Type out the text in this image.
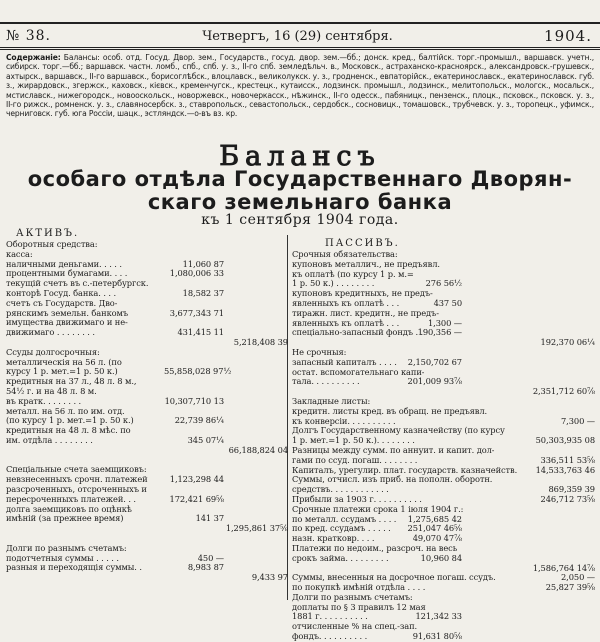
№ 38.	Четвергъ, 16 (29) сентября.	1904.
Содержаніе: Балансы: особ. отд. Госуд. Двор. зем., Государств., госуд. двор. зем.—бб.; донск. кред., балтійск. торг.-промышл., варшавск. учетн., сибирск. торг.—бб.; варшавск. частн. ломб., спб., спб. у. з., II-го спб. земледѣльч. в., Московск., астраханско-красноярск., александровск.-грушевск., ахтырск., варшавск., II-го варшавск., борисоглѣбск., влоцлавск., великолукск. у. з., гродненск., евпаторійск., екатеринославск., екатеринославск. губ. з., жирардовск., згержск., каховск., кієвск., кременчугск., крестецк., кутаисск., лодзинск. промышл., лодзинск., мелитопольск., мологск., мосальск., мстиславск., нижегородск., новооскольск., новоржевск., новочеркасск., нѣжинск., II-го одесск., пабяницк., пензенск., плоцк., псковск., псковск. у. з., II-го рижск., ромненск. у. з., славяносербск. з., ставропольск., севастопольск., сердобск., сосновицк., томашовск., трубчевск. у. з., торопецк., уфимск., черниговск. губ. юга Россіи, шацк., эстляндск.—о-въ вз. кр.
Балансъ
особаго отдѣла Государственнаго Дворян-
скаго земельнаго банка
къ 1 сентября 1904 года.
АКТИВЪ.
ПАССИВЪ.
Оборотныя средства:
касса:
наличными деньгами. . . . .	11,060 87
процентными бумагами. . . .	1,080,006 33
текущій счетъ въ с.-петербургск.
конторѣ Госуд. банка. . . .	18,582 37
счетъ съ Государств. Дво-
рянскимъ земельн. банкомъ	3,677,343 71
имущества движимаго и не-
движимаго . . . . . . . .	431,415 11
5,218,408 39
Ссуды долгосрочныя:
металлическія на 56 л. (по
курсу 1 р. мет.=1 р. 50 к.)	55,858,028 97½
кредитныя на 37 л., 48 л. 8 м.,
54½ г. и на 48 л. 8 м.
въ кратк. . . . . . . .	10,307,710 13
металл. на 56 л. по им. отд.
(по курсу 1 р. мет.=1 р. 50 к.)	22,739 86¼
кредитныя на 48 л. 8 мѣс. по
им. отдѣла . . . . . . . .	345 07¼
66,188,824 04
Спеціальные счета заемщиковъ:
невзнесенныхъ срочн. платежей	1,123,298 44
разсроченныхъ, отсроченныхъ и
пересроченныхъ платежей. . .	172,421 69⅝
долга заемщиковъ по оцѣнкѣ
имѣній (за прежнее время)	141 37
1,295,861 37⅝
Долги по разнымъ счетамъ:
подотчетныя суммы . . . . .	450 —
разныя и переходящія суммы. .	8,983 87
9,433 97
Срочныя обязательства:
купоновъ металлич., не предъявл.
къ оплатѣ (по курсу 1 р. м.=
1 р. 50 к.) . . . . . . . .	276 56½
купоновъ кредитныхъ, не предъ-
явленныхъ къ оплатѣ . . .	437 50
тиражн. лист. кредитн., не предъ-
явленныхъ къ оплатѣ . . .	1,300 —
спеціально-запасный фондъ . .
190,356 —
192,370 06¼
Не срочныя:
запасный капиталъ . . . .	2,150,702 67
остат. вспомогательнаго капи-
тала. . . . . . . . . .	201,009 93⅞
2,351,712 60⅞
Закладные листы:
кредитн. листы кред. въ обращ. не предъявл.
къ конверсіи. . . . . . . . . .	7,300 —
Долгъ Государственному казначейству (по курсу
1 р. мет.=1 р. 50 к.). . . . . . . .	50,303,935 08
Разницы между сумм. по аннуит. и капит. дол-
гами по ссуд. погаш. . . . . . . .	336,511 53⅝
Капиталъ, урегулир. плат. государств. казначейств.	14,533,763 46
Суммы, отчисл. изъ приб. на пополн. оборотн.
средствъ. . . . . . . . . . . .	869,359 39
Прибыли за 1903 г. . . . . . . . . .	246,712 73⅝
Срочные платежи срока 1 іюля 1904 г.:
по металл. ссудамъ . . . .	1,275,685 42
по кред. ссудамъ . . . . .	251,047 46⅝
назн. кратковр. . . .	49,070 47⅞
Платежи по недоим., разсроч. на весь
срокъ займа. . . . . . . . .	10,960 84
1,586,764 14⅞
Суммы, внесенныя на досрочное погаш. ссудъ.	2,050 —
по покупкѣ имѣній отдѣла . . . .	25,827 39⅝
Долги по разнымъ счетамъ:
доплаты по § 3 правилъ 12 мая
1881 г. . . . . . . . . .	121,342 33
отчисленные % на спец.-зап.
фондъ. . . . . . . . . .	91,631 80⅝
